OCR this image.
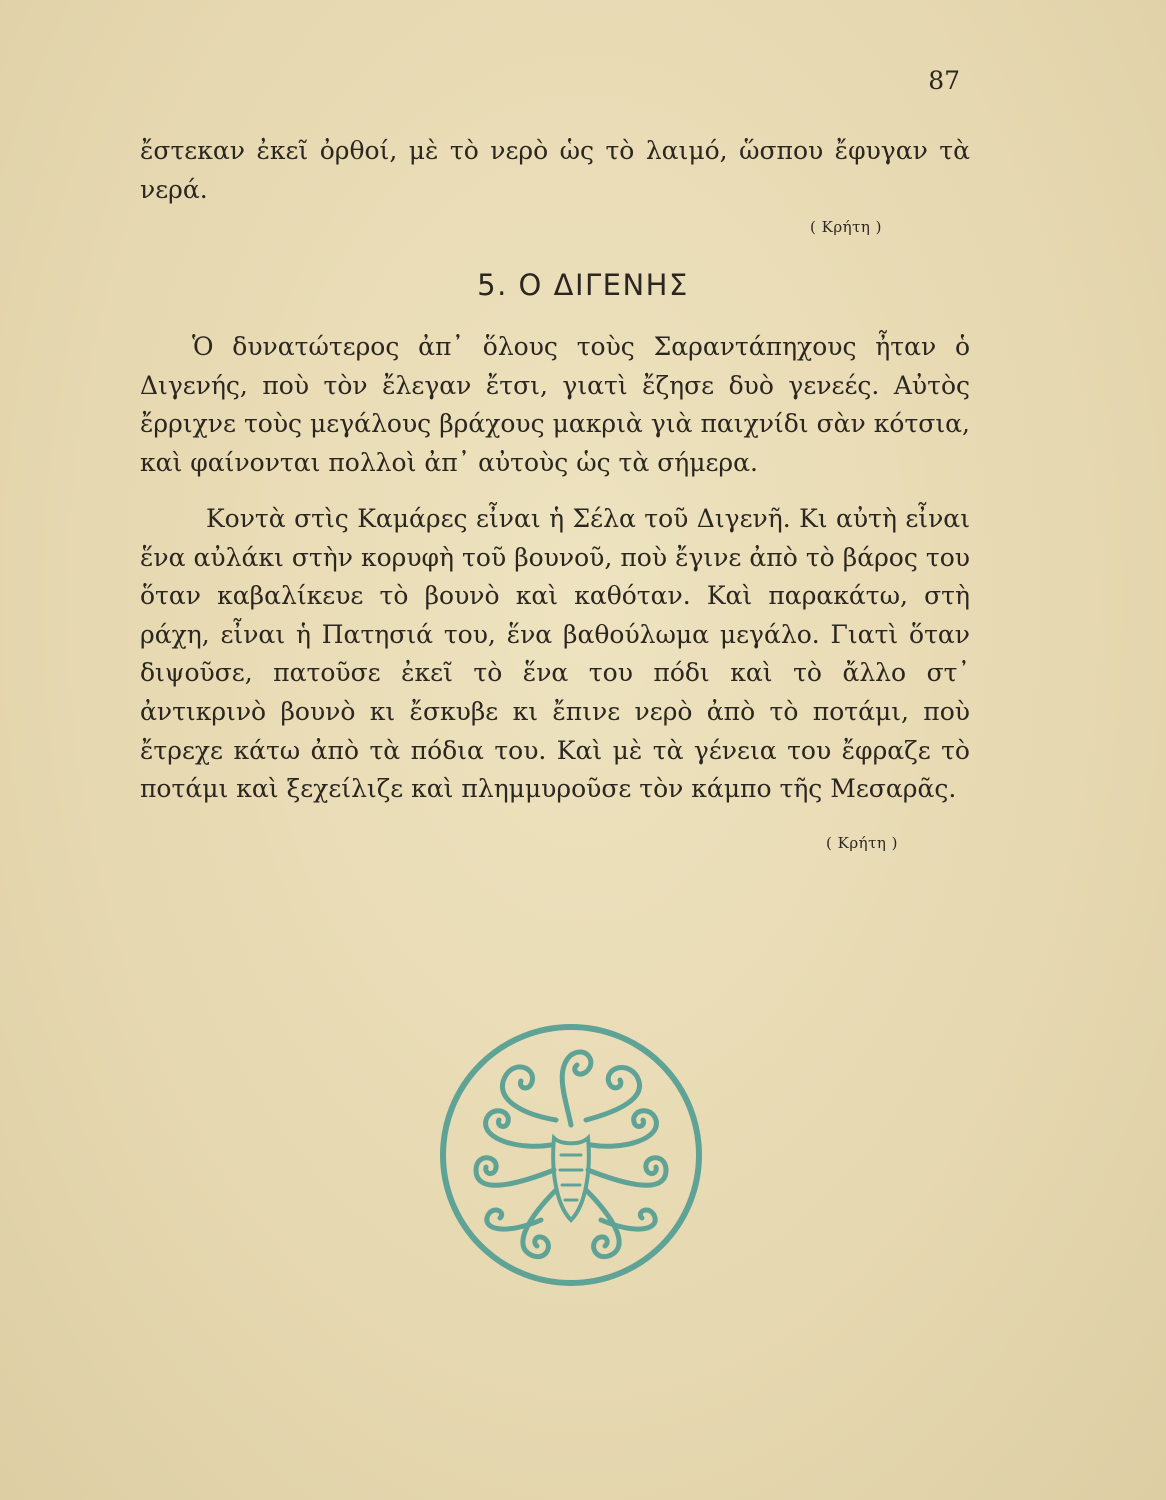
87

ἔστεκαν ἐκεῖ ὀρθοί, μὲ τὸ νερὸ ὡς τὸ λαιμό, ὥσπου ἔφυγαν τὰ νερά.

( Κρήτη )
5. Ο ΔΙΓΕΝΗΣ

Ὁ δυνατώτερος ἀπ᾽ ὅλους τοὺς Σαραντάπηχους ἦταν ὁ Διγενής, ποὺ τὸν ἔλεγαν ἔτσι, γιατὶ ἔζησε δυὸ γενεές. Αὐτὸς ἔρριχνε τοὺς μεγάλους βράχους μακριὰ γιὰ παιχνίδι σὰν κότσια, καὶ φαίνονται πολλοὶ ἀπ᾽ αὐτοὺς ὡς τὰ σήμερα.

Κοντὰ στὶς Καμάρες εἶναι ἡ Σέλα τοῦ Διγενῆ. Κι αὐτὴ εἶναι ἕνα αὐλάκι στὴν κορυφὴ τοῦ βουνοῦ, ποὺ ἔγινε ἀπὸ τὸ βάρος του ὅταν καβαλίκευε τὸ βουνὸ καὶ καθόταν. Καὶ παρακάτω, στὴ ράχη, εἶναι ἡ Πατησιά του, ἕνα βαθούλωμα μεγάλο. Γιατὶ ὅταν διψοῦσε, πατοῦσε ἐκεῖ τὸ ἕνα του πόδι καὶ τὸ ἄλλο στ᾽ ἀντικρινὸ βουνὸ κι ἔσκυβε κι ἔπινε νερὸ ἀπὸ τὸ ποτάμι, ποὺ ἔτρεχε κάτω ἀπὸ τὰ πόδια του. Καὶ μὲ τὰ γένεια του ἔφραζε τὸ ποτάμι καὶ ξεχείλιζε καὶ πλημμυροῦσε τὸν κάμπο τῆς Μεσαρᾶς.

( Κρήτη )
